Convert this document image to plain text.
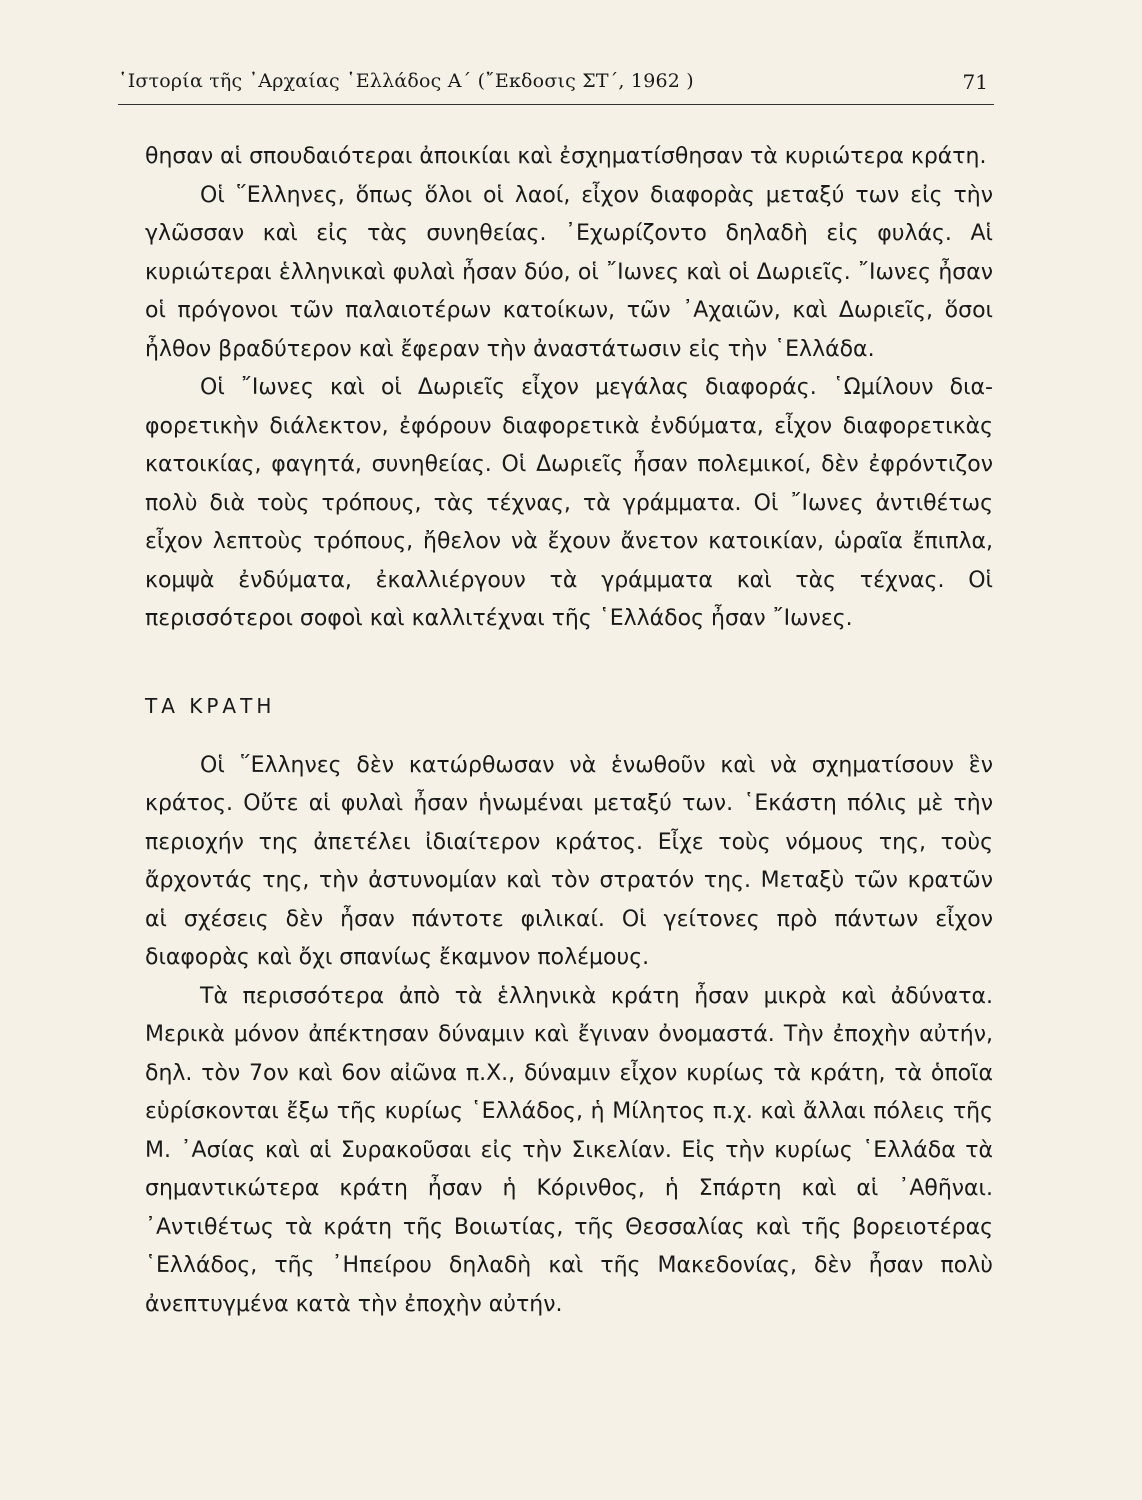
῾Ιστορία τῆς ᾿Αρχαίας ῾Ελλάδος Α΄ (῎Εκδοσις ΣΤ΄, 1962 )	71

θησαν αἱ σπουδαιότεραι ἀποικίαι καὶ ἐσχηματίσθησαν τὰ κυριώτερα κράτη.

Οἱ ῞Ελληνες, ὅπως ὅλοι οἱ λαοί, εἶχον διαφορὰς μεταξύ των εἰς τὴν γλῶσσαν καὶ εἰς τὰς συνηθείας. ᾿Εχωρίζοντο δηλαδὴ εἰς φυλάς. Αἱ κυριώτεραι ἑλληνικαὶ φυλαὶ ἦσαν δύο, οἱ ῎Ιωνες καὶ οἱ Δωριεῖς. ῎Ιωνες ἦσαν οἱ πρόγονοι τῶν παλαιοτέρων κατοίκων, τῶν ᾿Αχαιῶν, καὶ Δωριεῖς, ὅσοι ἦλθον βραδύτερον καὶ ἔφεραν τὴν ἀναστάτωσιν εἰς τὴν ῾Ελλάδα.

Οἱ ῎Ιωνες καὶ οἱ Δωριεῖς εἶχον μεγάλας διαφοράς. ῾Ωμίλουν διαφορετικὴν διάλεκτον, ἐφόρουν διαφορετικὰ ἐνδύματα, εἶχον διαφορετικὰς κατοικίας, φαγητά, συνηθείας. Οἱ Δωριεῖς ἦσαν πολεμικοί, δὲν ἐφρόντιζον πολὺ διὰ τοὺς τρόπους, τὰς τέχνας, τὰ γράμματα. Οἱ ῎Ιωνες ἀντιθέτως εἶχον λεπτοὺς τρόπους, ἤθελον νὰ ἔχουν ἄνετον κατοικίαν, ὡραῖα ἔπιπλα, κομψὰ ἐνδύματα, ἐκαλλιέργουν τὰ γράμματα καὶ τὰς τέχνας. Οἱ περισσότεροι σοφοὶ καὶ καλλιτέχναι τῆς ῾Ελλάδος ἦσαν ῎Ιωνες.

ΤΑ ΚΡΑΤΗ

Οἱ ῞Ελληνες δὲν κατώρθωσαν νὰ ἑνωθοῦν καὶ νὰ σχηματίσουν ἓν κράτος. Οὔτε αἱ φυλαὶ ἦσαν ἡνωμέναι μεταξύ των. ῾Εκάστη πόλις μὲ τὴν περιοχήν της ἀπετέλει ἰδιαίτερον κράτος. Εἶχε τοὺς νόμους της, τοὺς ἄρχοντάς της, τὴν ἀστυνομίαν καὶ τὸν στρατόν της. Μεταξὺ τῶν κρατῶν αἱ σχέσεις δὲν ἦσαν πάντοτε φιλικαί. Οἱ γείτονες πρὸ πάντων εἶχον διαφορὰς καὶ ὄχι σπανίως ἔκαμνον πολέμους.

Τὰ περισσότερα ἀπὸ τὰ ἑλληνικὰ κράτη ἦσαν μικρὰ καὶ ἀδύνατα. Μερικὰ μόνον ἀπέκτησαν δύναμιν καὶ ἔγιναν ὀνομαστά. Τὴν ἐποχὴν αὐτήν, δηλ. τὸν 7ον καὶ 6ον αἰῶνα π.Χ., δύναμιν εἶχον κυρίως τὰ κράτη, τὰ ὁποῖα εὑρίσκονται ἔξω τῆς κυρίως ῾Ελλάδος, ἡ Μίλητος π.χ. καὶ ἄλλαι πόλεις τῆς Μ. ᾿Ασίας καὶ αἱ Συρακοῦσαι εἰς τὴν Σικελίαν. Εἰς τὴν κυρίως ῾Ελλάδα τὰ σημαντικώτερα κράτη ἦσαν ἡ Κόρινθος, ἡ Σπάρτη καὶ αἱ ᾿Αθῆναι. ᾿Αντιθέτως τὰ κράτη τῆς Βοιωτίας, τῆς Θεσσαλίας καὶ τῆς βορειοτέρας ῾Ελλάδος, τῆς ᾿Ηπείρου δηλαδὴ καὶ τῆς Μακεδονίας, δὲν ἦσαν πολὺ ἀνεπτυγμένα κατὰ τὴν ἐποχὴν αὐτήν.
